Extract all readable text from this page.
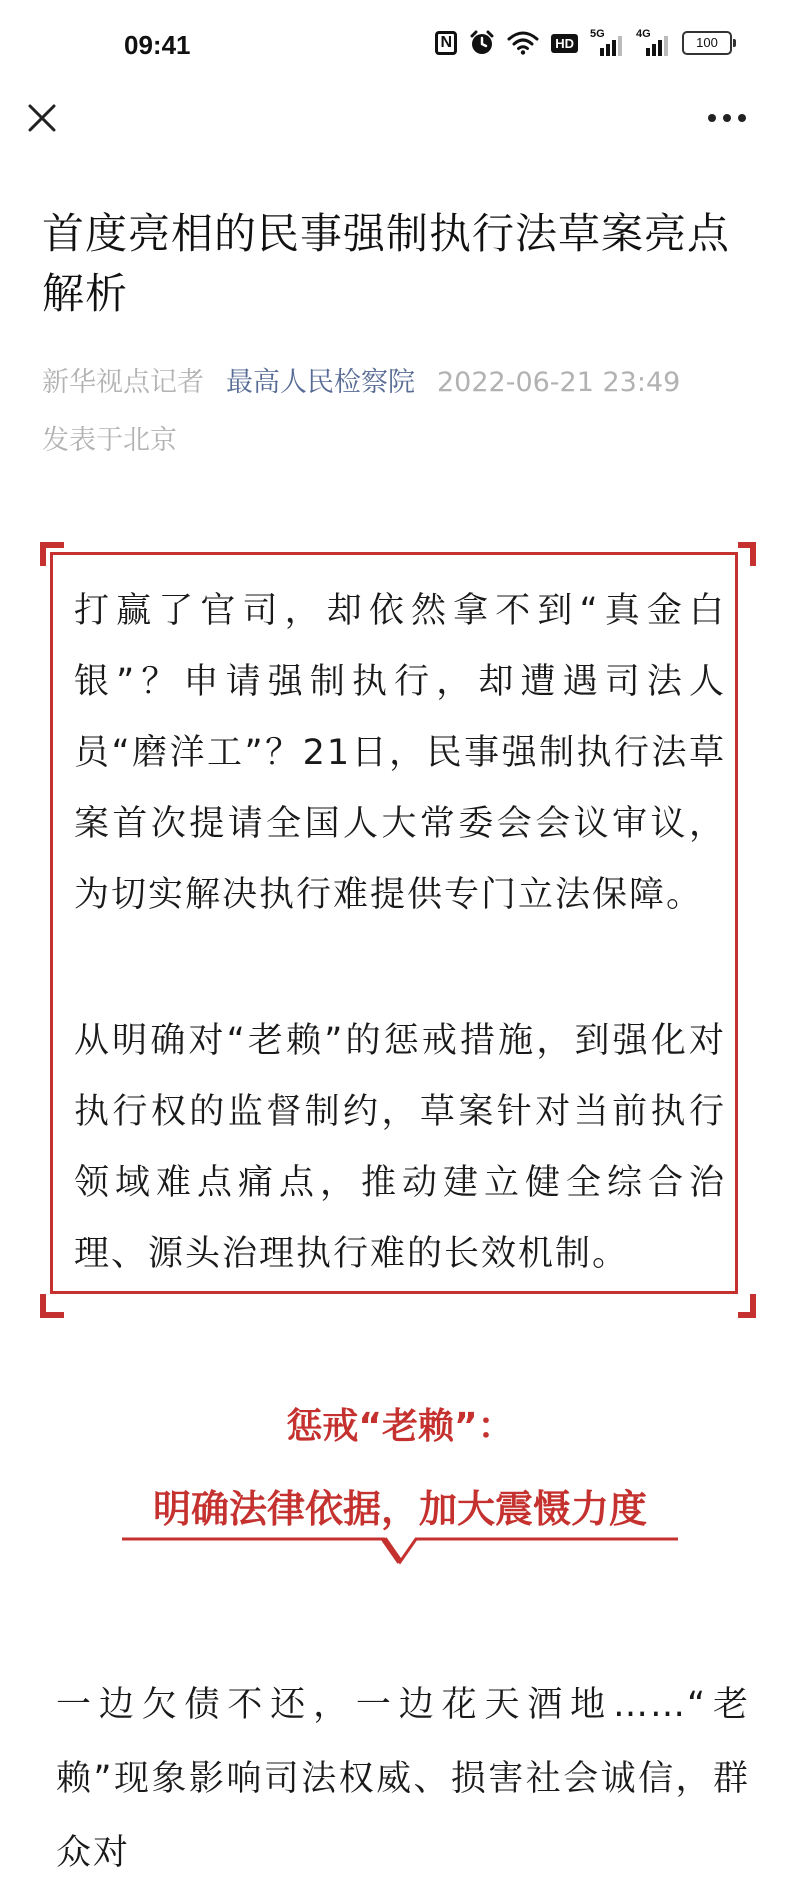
09:41	N	HD
5G	4G
100
首度亮相的民事强制执行法草案亮点解析
新华视点记者 最高人民检察院 2022-06-21 23:49
发表于北京

打赢了官司，却依然拿不到“真金白银”？申请强制执行，却遭遇司法人员“磨洋工”？21日，民事强制执行法草案首次提请全国人大常委会会议审议，为切实解决执行难提供专门立法保障。

从明确对“老赖”的惩戒措施，到强化对执行权的监督制约，草案针对当前执行领域难点痛点，推动建立健全综合治理、源头治理执行难的长效机制。

惩戒“老赖”：
明确法律依据，加大震慑力度

一边欠债不还，一边花天酒地……“老赖”现象影响司法权威、损害社会诚信，群众对
